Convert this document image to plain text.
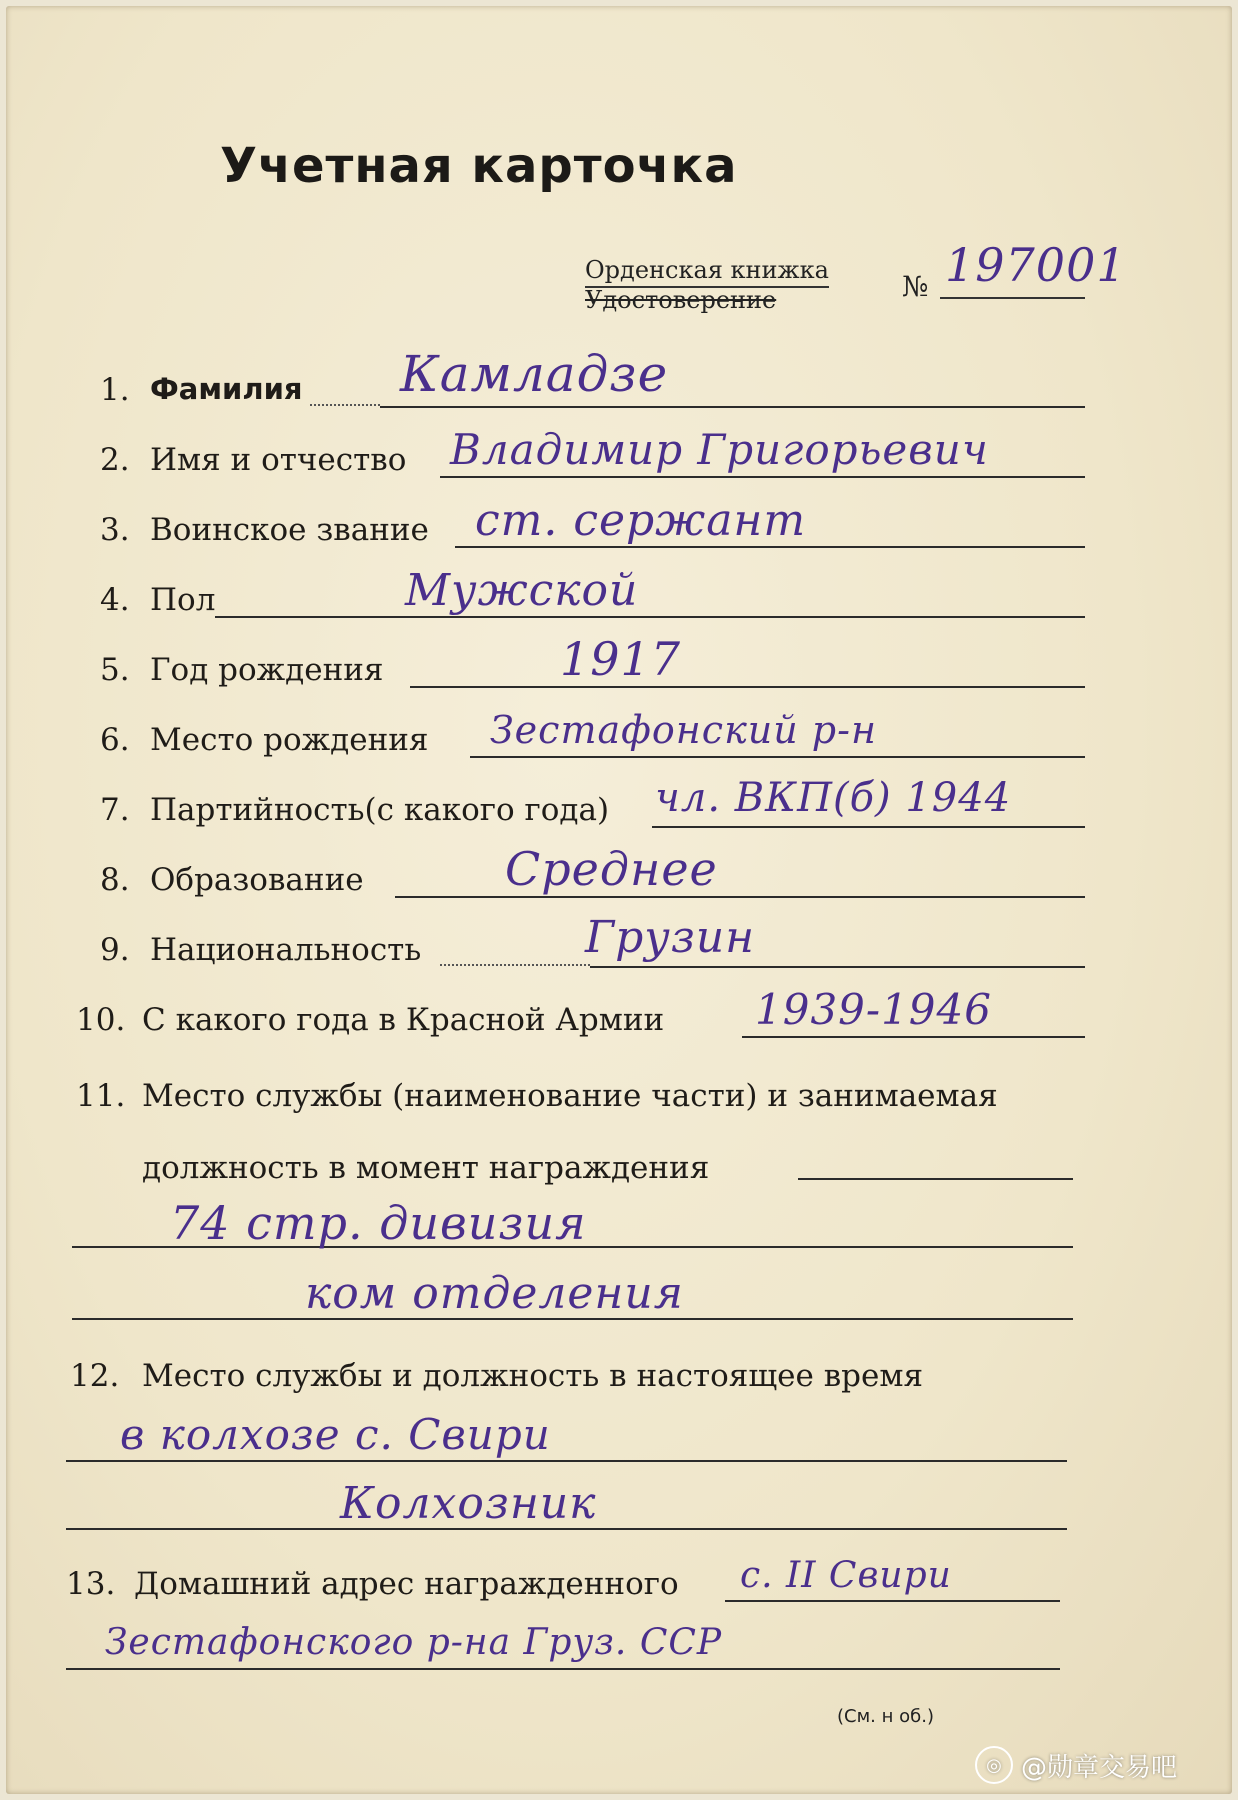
Учетная карточка
Орденская книжка
Удостоверение	№ 197001
1. Фамилия Камладзе
2. Имя и отчество Владимир Григорьевич
3. Воинское звание ст. сержант
4. Пол	Мужской
5. Год рождения	1917
6. Место рождения Зестафонский р-н
7. Партийность(с какого года) чл. ВКП(б) 1944
8. Образование	Среднее
9. Национальность	Грузин
10. С какого года в Красной Армии 1939-1946
11. Место службы (наименование части) и занимаемая
должность в момент награждения
74 стр. дивизия
ком отделения
12. Место службы и должность в настоящее время
в колхозе с. Свири
Колхозник
13. Домашний адрес награжденного с. II Свири
Зестафонского р-на Груз. ССР
(См. н об.)
◎ @勋章交易吧
